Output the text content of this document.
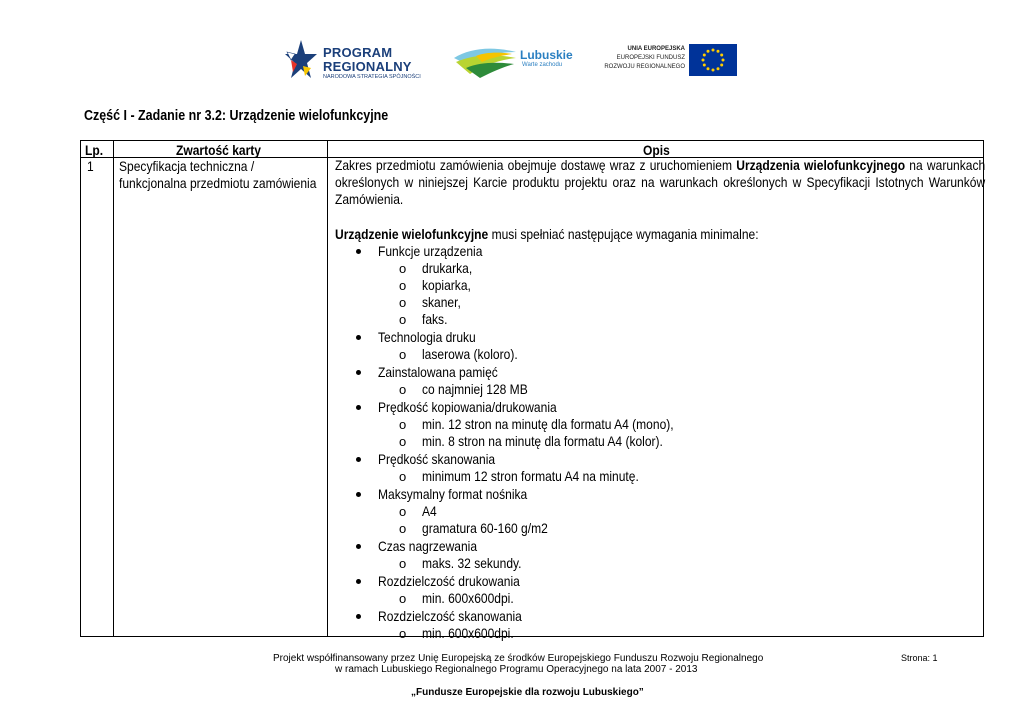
PROGRAM
REGIONALNY
NARODOWA STRATEGIA SPÓJNOŚCI
Lubuskie
Warte zachodu
UNIA EUROPEJSKA
EUROPEJSKI FUNDUSZ
ROZWOJU REGIONALNEGO
Część I - Zadanie nr 3.2: Urządzenie wielofunkcyjne
Lp.	Zwartość karty	Opis
1 Specyfikacja techniczna /
funkcjonalna przedmiotu zamówienia
Zakres przedmiotu zamówienia obejmuje dostawę wraz z uruchomieniem Urządzenia wielofunkcyjnego na warunkach określonych w niniejszej Karcie produktu projektu oraz na warunkach określonych w Specyfikacji Istotnych Warunków Zamówienia.
Urządzenie wielofunkcyjne musi spełniać następujące wymagania minimalne:
Funkcje urządzenia
o drukarka,
o kopiarka,
o skaner,
o faks.
Technologia druku
o laserowa (koloro).
Zainstalowana pamięć
o co najmniej 128 MB
Prędkość kopiowania/drukowania
o min. 12 stron na minutę dla formatu A4 (mono),
o min. 8 stron na minutę dla formatu A4 (kolor).
Prędkość skanowania
o minimum 12 stron formatu A4 na minutę.
Maksymalny format nośnika
o A4
o gramatura 60-160 g/m2
Czas nagrzewania
o maks. 32 sekundy.
Rozdzielczość drukowania
o min. 600x600dpi.
Rozdzielczość skanowania
o min. 600x600dpi.
Projekt współfinansowany przez Unię Europejską ze środków Europejskiego Funduszu Rozwoju Regionalnego
w ramach Lubuskiego Regionalnego Programu Operacyjnego na lata 2007 - 2013
„Fundusze Europejskie dla rozwoju Lubuskiego”
Strona: 1
